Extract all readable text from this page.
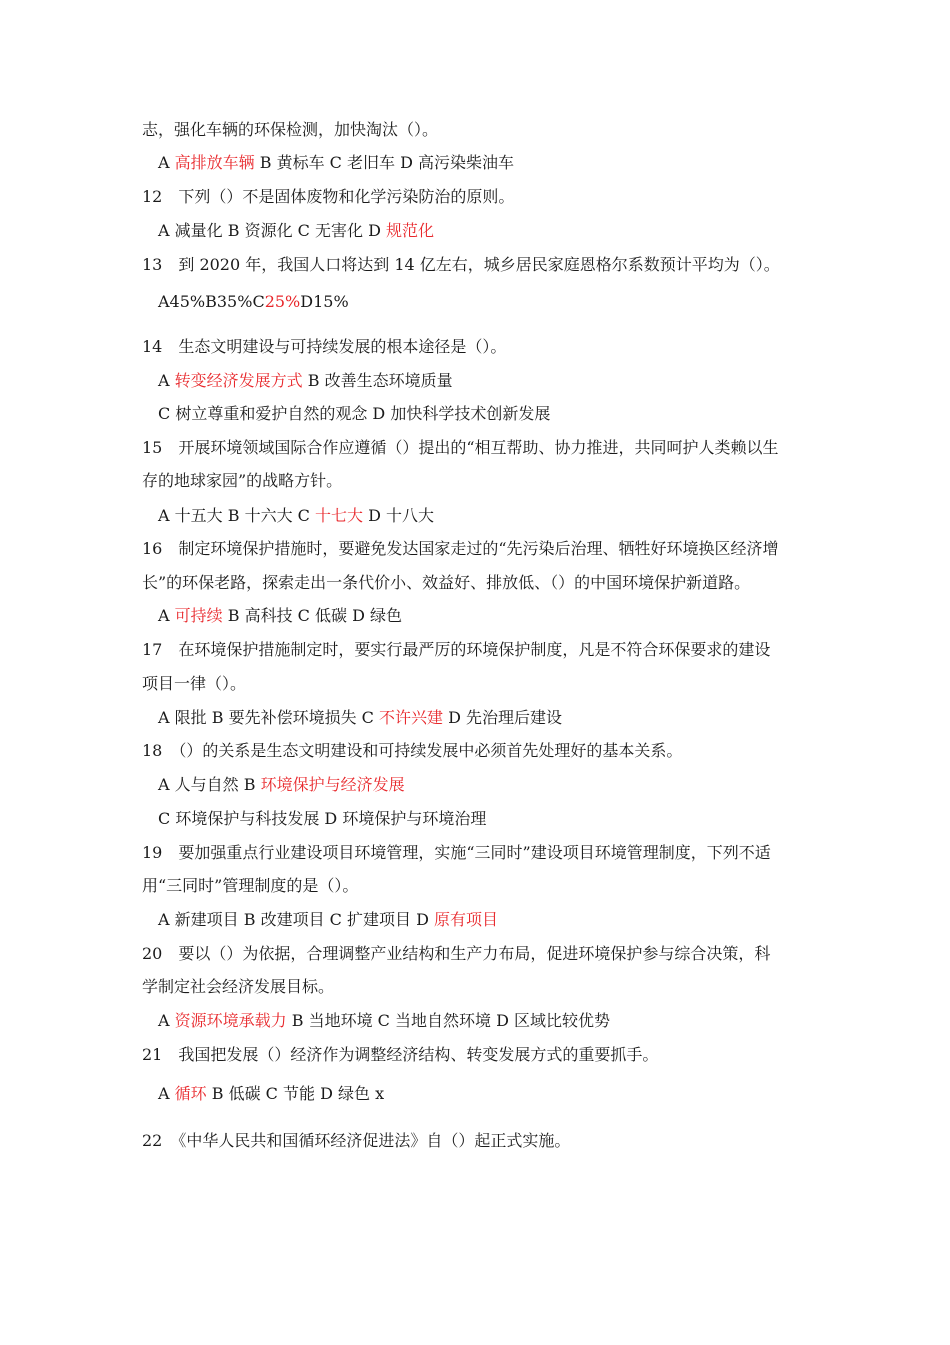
志，强化车辆的环保检测，加快淘汰（）。
A 高排放车辆 B 黄标车 C 老旧车 D 高污染柴油车
12　下列（）不是固体废物和化学污染防治的原则。
A 减量化 B 资源化 C 无害化 D 规范化
13　到 2020 年，我国人口将达到 14 亿左右，城乡居民家庭恩格尔系数预计平均为（）。
A45%B35%C25%D15%
14　生态文明建设与可持续发展的根本途径是（）。
A 转变经济发展方式 B 改善生态环境质量
C 树立尊重和爱护自然的观念 D 加快科学技术创新发展
15　开展环境领域国际合作应遵循（）提出的“相互帮助、协力推进，共同呵护人类赖以生
存的地球家园”的战略方针。
A 十五大 B 十六大 C 十七大 D 十八大
16　制定环境保护措施时，要避免发达国家走过的“先污染后治理、牺牲好环境换区经济增
长”的环保老路，探索走出一条代价小、效益好、排放低、（）的中国环境保护新道路。
A 可持续 B 高科技 C 低碳 D 绿色
17　在环境保护措施制定时，要实行最严厉的环境保护制度，凡是不符合环保要求的建设
项目一律（）。
A 限批 B 要先补偿环境损失 C 不许兴建 D 先治理后建设
18　（）的关系是生态文明建设和可持续发展中必须首先处理好的基本关系。
A 人与自然 B 环境保护与经济发展
C 环境保护与科技发展 D 环境保护与环境治理
19　要加强重点行业建设项目环境管理，实施“三同时”建设项目环境管理制度，下列不适
用“三同时”管理制度的是（）。
A 新建项目 B 改建项目 C 扩建项目 D 原有项目
20　要以（）为依据，合理调整产业结构和生产力布局，促进环境保护参与综合决策，科
学制定社会经济发展目标。
A 资源环境承载力 B 当地环境 C 当地自然环境 D 区域比较优势
21　我国把发展（）经济作为调整经济结构、转变发展方式的重要抓手。
A 循环 B 低碳 C 节能 D 绿色 x
22　《中华人民共和国循环经济促进法》自（）起正式实施。
